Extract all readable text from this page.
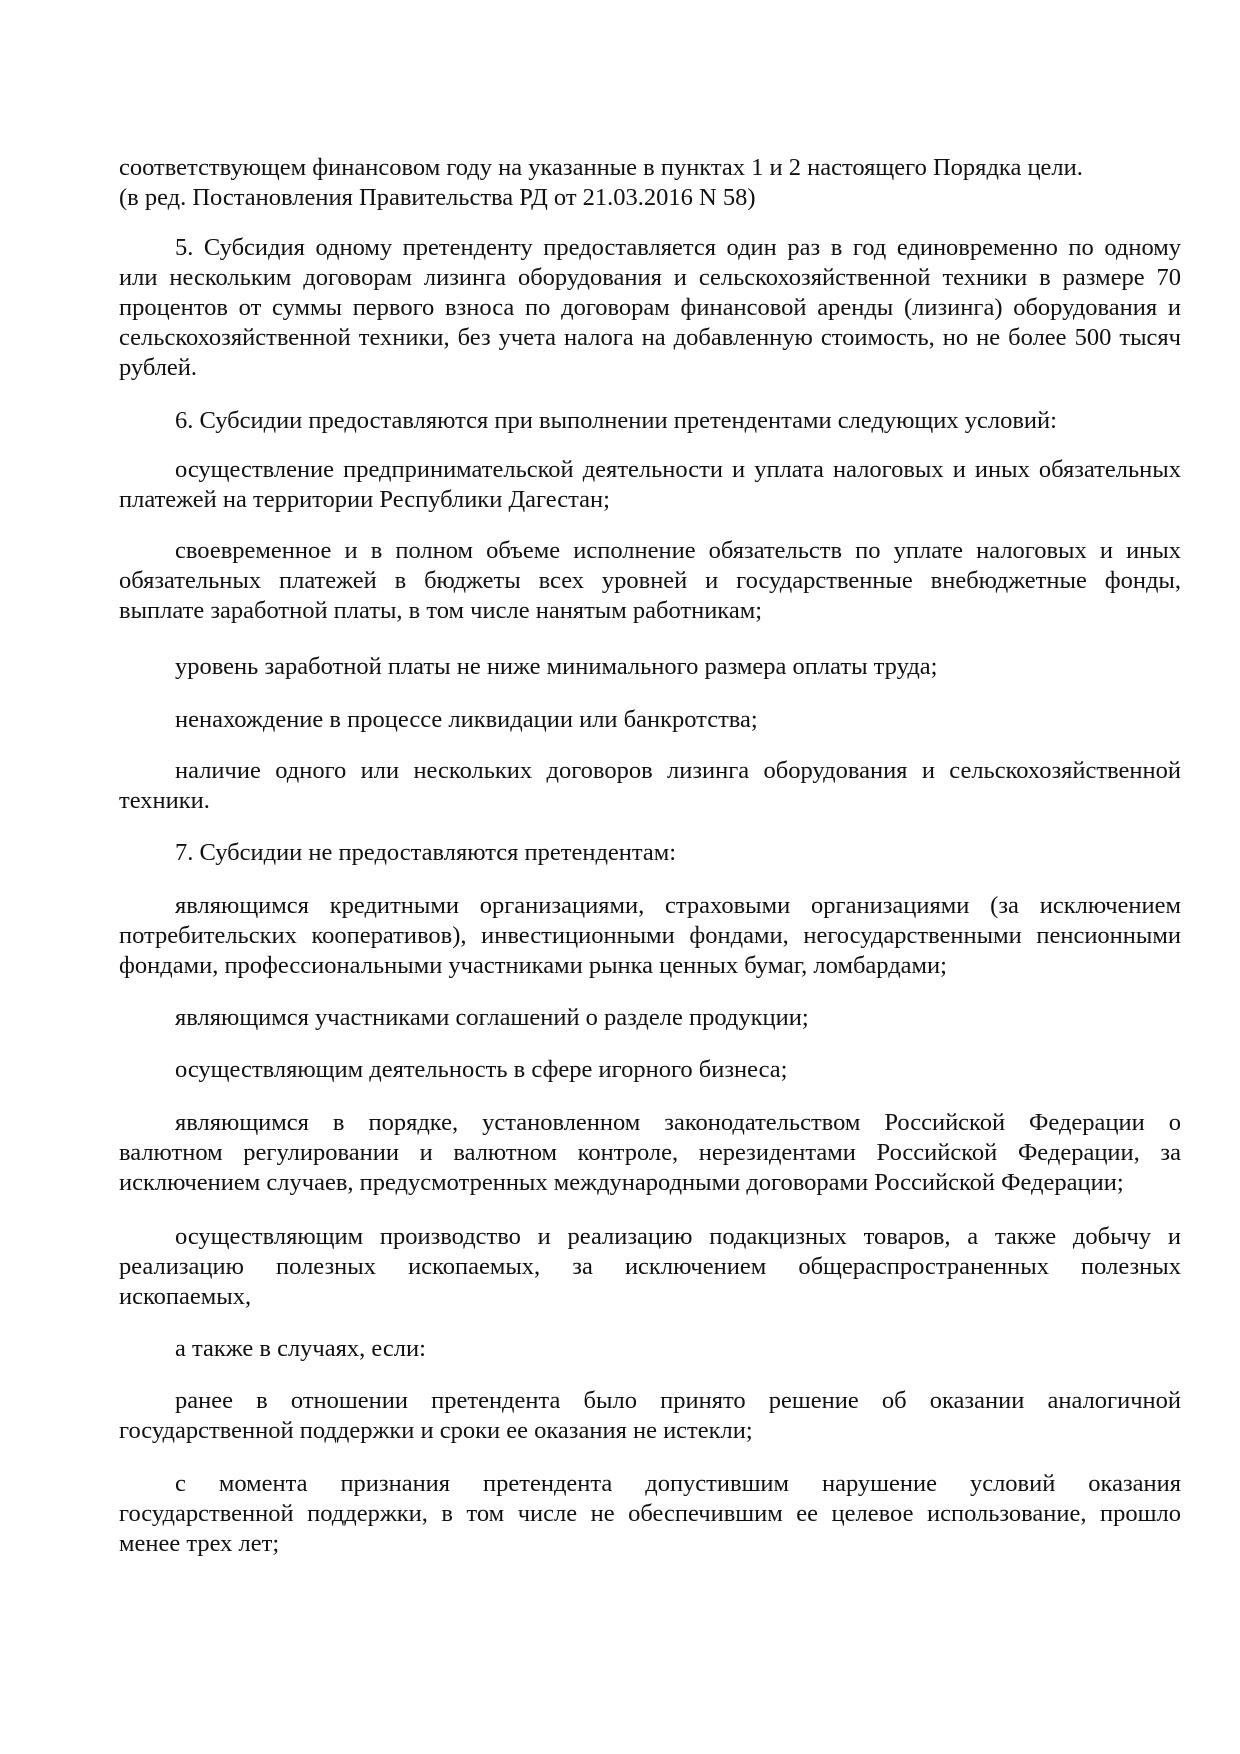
соответствующем финансовом году на указанные в пунктах 1 и 2 настоящего Порядка цели.
(в ред. Постановления Правительства РД от 21.03.2016 N 58)
5. Субсидия одному претенденту предоставляется один раз в год единовременно по одному
или нескольким договорам лизинга оборудования и сельскохозяйственной техники в размере 70
процентов от суммы первого взноса по договорам финансовой аренды (лизинга) оборудования и
сельскохозяйственной техники, без учета налога на добавленную стоимость, но не более 500 тысяч
рублей.
6. Субсидии предоставляются при выполнении претендентами следующих условий:
осуществление предпринимательской деятельности и уплата налоговых и иных обязательных
платежей на территории Республики Дагестан;
своевременное и в полном объеме исполнение обязательств по уплате налоговых и иных
обязательных платежей в бюджеты всех уровней и государственные внебюджетные фонды,
выплате заработной платы, в том числе нанятым работникам;
уровень заработной платы не ниже минимального размера оплаты труда;
ненахождение в процессе ликвидации или банкротства;
наличие одного или нескольких договоров лизинга оборудования и сельскохозяйственной
техники.
7. Субсидии не предоставляются претендентам:
являющимся кредитными организациями, страховыми организациями (за исключением
потребительских кооперативов), инвестиционными фондами, негосударственными пенсионными
фондами, профессиональными участниками рынка ценных бумаг, ломбардами;
являющимся участниками соглашений о разделе продукции;
осуществляющим деятельность в сфере игорного бизнеса;
являющимся в порядке, установленном законодательством Российской Федерации о
валютном регулировании и валютном контроле, нерезидентами Российской Федерации, за
исключением случаев, предусмотренных международными договорами Российской Федерации;
осуществляющим производство и реализацию подакцизных товаров, а также добычу и
реализацию полезных ископаемых, за исключением общераспространенных полезных
ископаемых,
а также в случаях, если:
ранее в отношении претендента было принято решение об оказании аналогичной
государственной поддержки и сроки ее оказания не истекли;
с момента признания претендента допустившим нарушение условий оказания
государственной поддержки, в том числе не обеспечившим ее целевое использование, прошло
менее трех лет;
